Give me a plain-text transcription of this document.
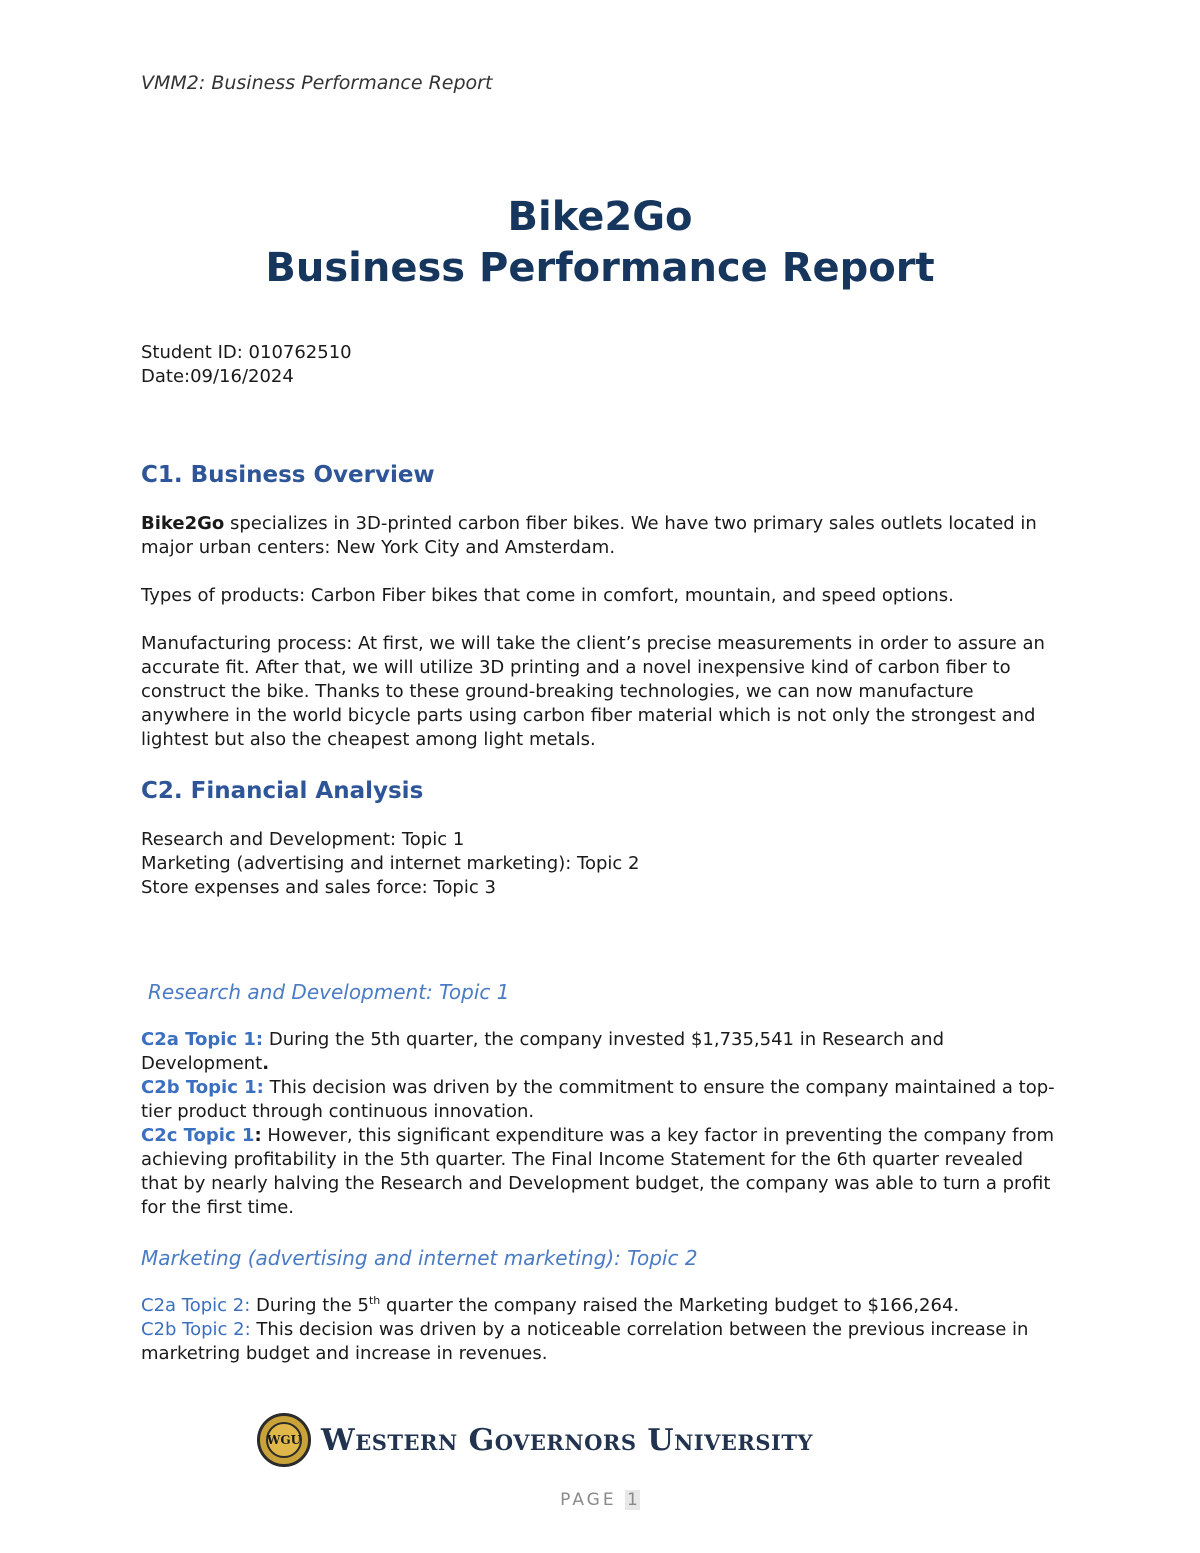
VMM2: Business Performance Report
Bike2Go
Business Performance Report
Student ID: 010762510
Date:09/16/2024
C1. Business Overview

Bike2Go specializes in 3D-printed carbon fiber bikes. We have two primary sales outlets located in major urban centers: New York City and Amsterdam.

Types of products: Carbon Fiber bikes that come in comfort, mountain, and speed options.

Manufacturing process: At first, we will take the client’s precise measurements in order to assure an accurate fit. After that, we will utilize 3D printing and a novel inexpensive kind of carbon fiber to construct the bike. Thanks to these ground-breaking technologies, we can now manufacture anywhere in the world bicycle parts using carbon fiber material which is not only the strongest and lightest but also the cheapest among light metals.

C2. Financial Analysis
Research and Development: Topic 1
Marketing (advertising and internet marketing): Topic 2
Store expenses and sales force: Topic 3
Research and Development: Topic 1

C2a Topic 1: During the 5th quarter, the company invested $1,735,541 in Research and Development.

C2b Topic 1: This decision was driven by the commitment to ensure the company maintained a top-tier product through continuous innovation.

C2c Topic 1: However, this significant expenditure was a key factor in preventing the company from achieving profitability in the 5th quarter. The Final Income Statement for the 6th quarter revealed that by nearly halving the Research and Development budget, the company was able to turn a profit for the first time.

Marketing (advertising and internet marketing): Topic 2

C2a Topic 2: During the 5th quarter the company raised the Marketing budget to $166,264.

C2b Topic 2: This decision was driven by a noticeable correlation between the previous increase in marketring budget and increase in revenues.

WGU Western Governors University
PAGE 1
